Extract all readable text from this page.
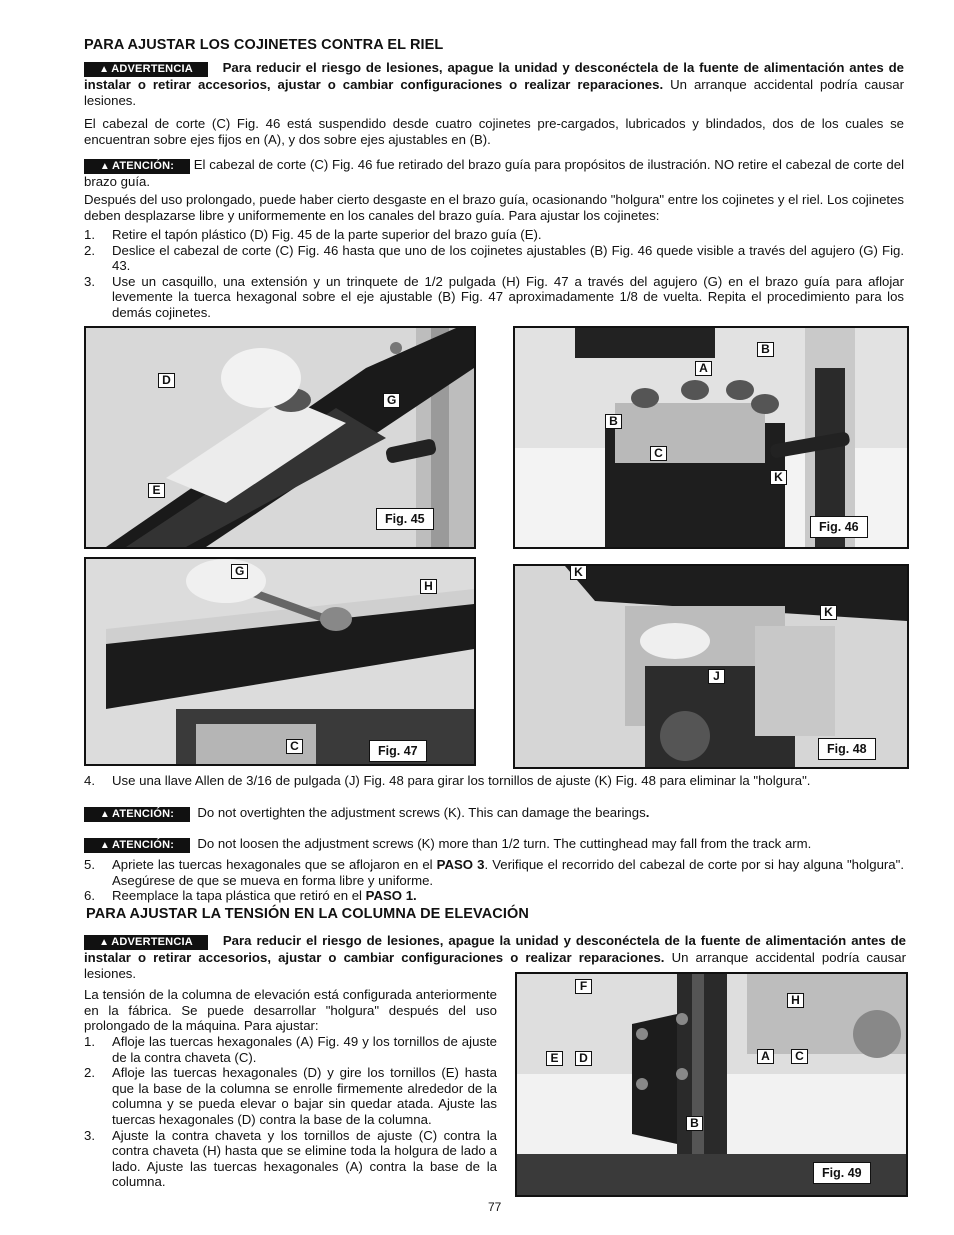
PARA AJUSTAR LOS COJINETES CONTRA EL RIEL
▲ ADVERTENCIA Para reducir el riesgo de lesiones, apague la unidad y desconéctela de la fuente de alimentación antes de instalar o retirar accesorios, ajustar o cambiar configuraciones o realizar reparaciones. Un arranque accidental podría causar lesiones.
El cabezal de corte (C) Fig. 46 está suspendido desde cuatro cojinetes pre-cargados, lubricados y blindados, dos de los cuales se encuentran sobre ejes fijos en (A), y dos sobre ejes ajustables en (B).
▲ ATENCIÓN: El cabezal de corte (C) Fig. 46 fue retirado del brazo guía para propósitos de ilustración. NO retire el cabezal de corte del brazo guía.
Después del uso prolongado, puede haber cierto desgaste en el brazo guía, ocasionando "holgura" entre los cojinetes y el riel. Los cojinetes deben desplazarse libre y uniformemente en los canales del brazo guía. Para ajustar los cojinetes:
1. Retire el tapón plástico (D) Fig. 45 de la parte superior del brazo guía (E).
2. Deslice el cabezal de corte (C) Fig. 46 hasta que uno de los cojinetes ajustables (B) Fig. 46 quede visible a través del agujero (G) Fig. 43.
3. Use un casquillo, una extensión y un trinquete de 1/2 pulgada (H) Fig. 47 a través del agujero (G) en el brazo guía para aflojar levemente la tuerca hexagonal sobre el eje ajustable (B) Fig. 47 aproximadamente 1/8 de vuelta. Repita el procedimiento para los demás cojinetes.
D
G
E
Fig. 45
B
A
B
C
K
Fig. 46
G
H
C	Fig. 47
K
K
J
Fig. 48
4. Use una llave Allen de 3/16 de pulgada (J) Fig. 48 para girar los tornillos de ajuste (K) Fig. 48 para eliminar la "holgura".
▲ ATENCIÓN: Do not overtighten the adjustment screws (K). This can damage the bearings.
▲ ATENCIÓN: Do not loosen the adjustment screws (K) more than 1/2 turn. The cuttinghead may fall from the track arm.
5. Apriete las tuercas hexagonales que se aflojaron en el PASO 3. Verifique el recorrido del cabezal de corte por si hay alguna "holgura". Asegúrese de que se mueva en forma libre y uniforme.
6. Reemplace la tapa plástica que retiró en el PASO 1.
PARA AJUSTAR LA TENSIÓN EN LA COLUMNA DE ELEVACIÓN
▲ ADVERTENCIA Para reducir el riesgo de lesiones, apague la unidad y desconéctela de la fuente de alimentación antes de instalar o retirar accesorios, ajustar o cambiar configuraciones o realizar reparaciones. Un arranque accidental podría causar lesiones.
La tensión de la columna de elevación está configurada anteriormente en la fábrica. Se puede desarrollar "holgura" después del uso prolongado de la máquina. Para ajustar:
1. Afloje las tuercas hexagonales (A) Fig. 49 y los tornillos de ajuste de la contra chaveta (C).
2. Afloje las tuercas hexagonales (D) y gire los tornillos (E) hasta que la base de la columna se enrolle firmemente alrededor de la columna y se pueda elevar o bajar sin quedar atada. Ajuste las tuercas hexagonales (D) contra la base de la columna.
3. Ajuste la contra chaveta y los tornillos de ajuste (C) contra la contra chaveta (H) hasta que se elimine toda la holgura de lado a lado. Ajuste las tuercas hexagonales (A) contra la base de la columna.
F
H
E	D	A	C
B
Fig. 49
77
